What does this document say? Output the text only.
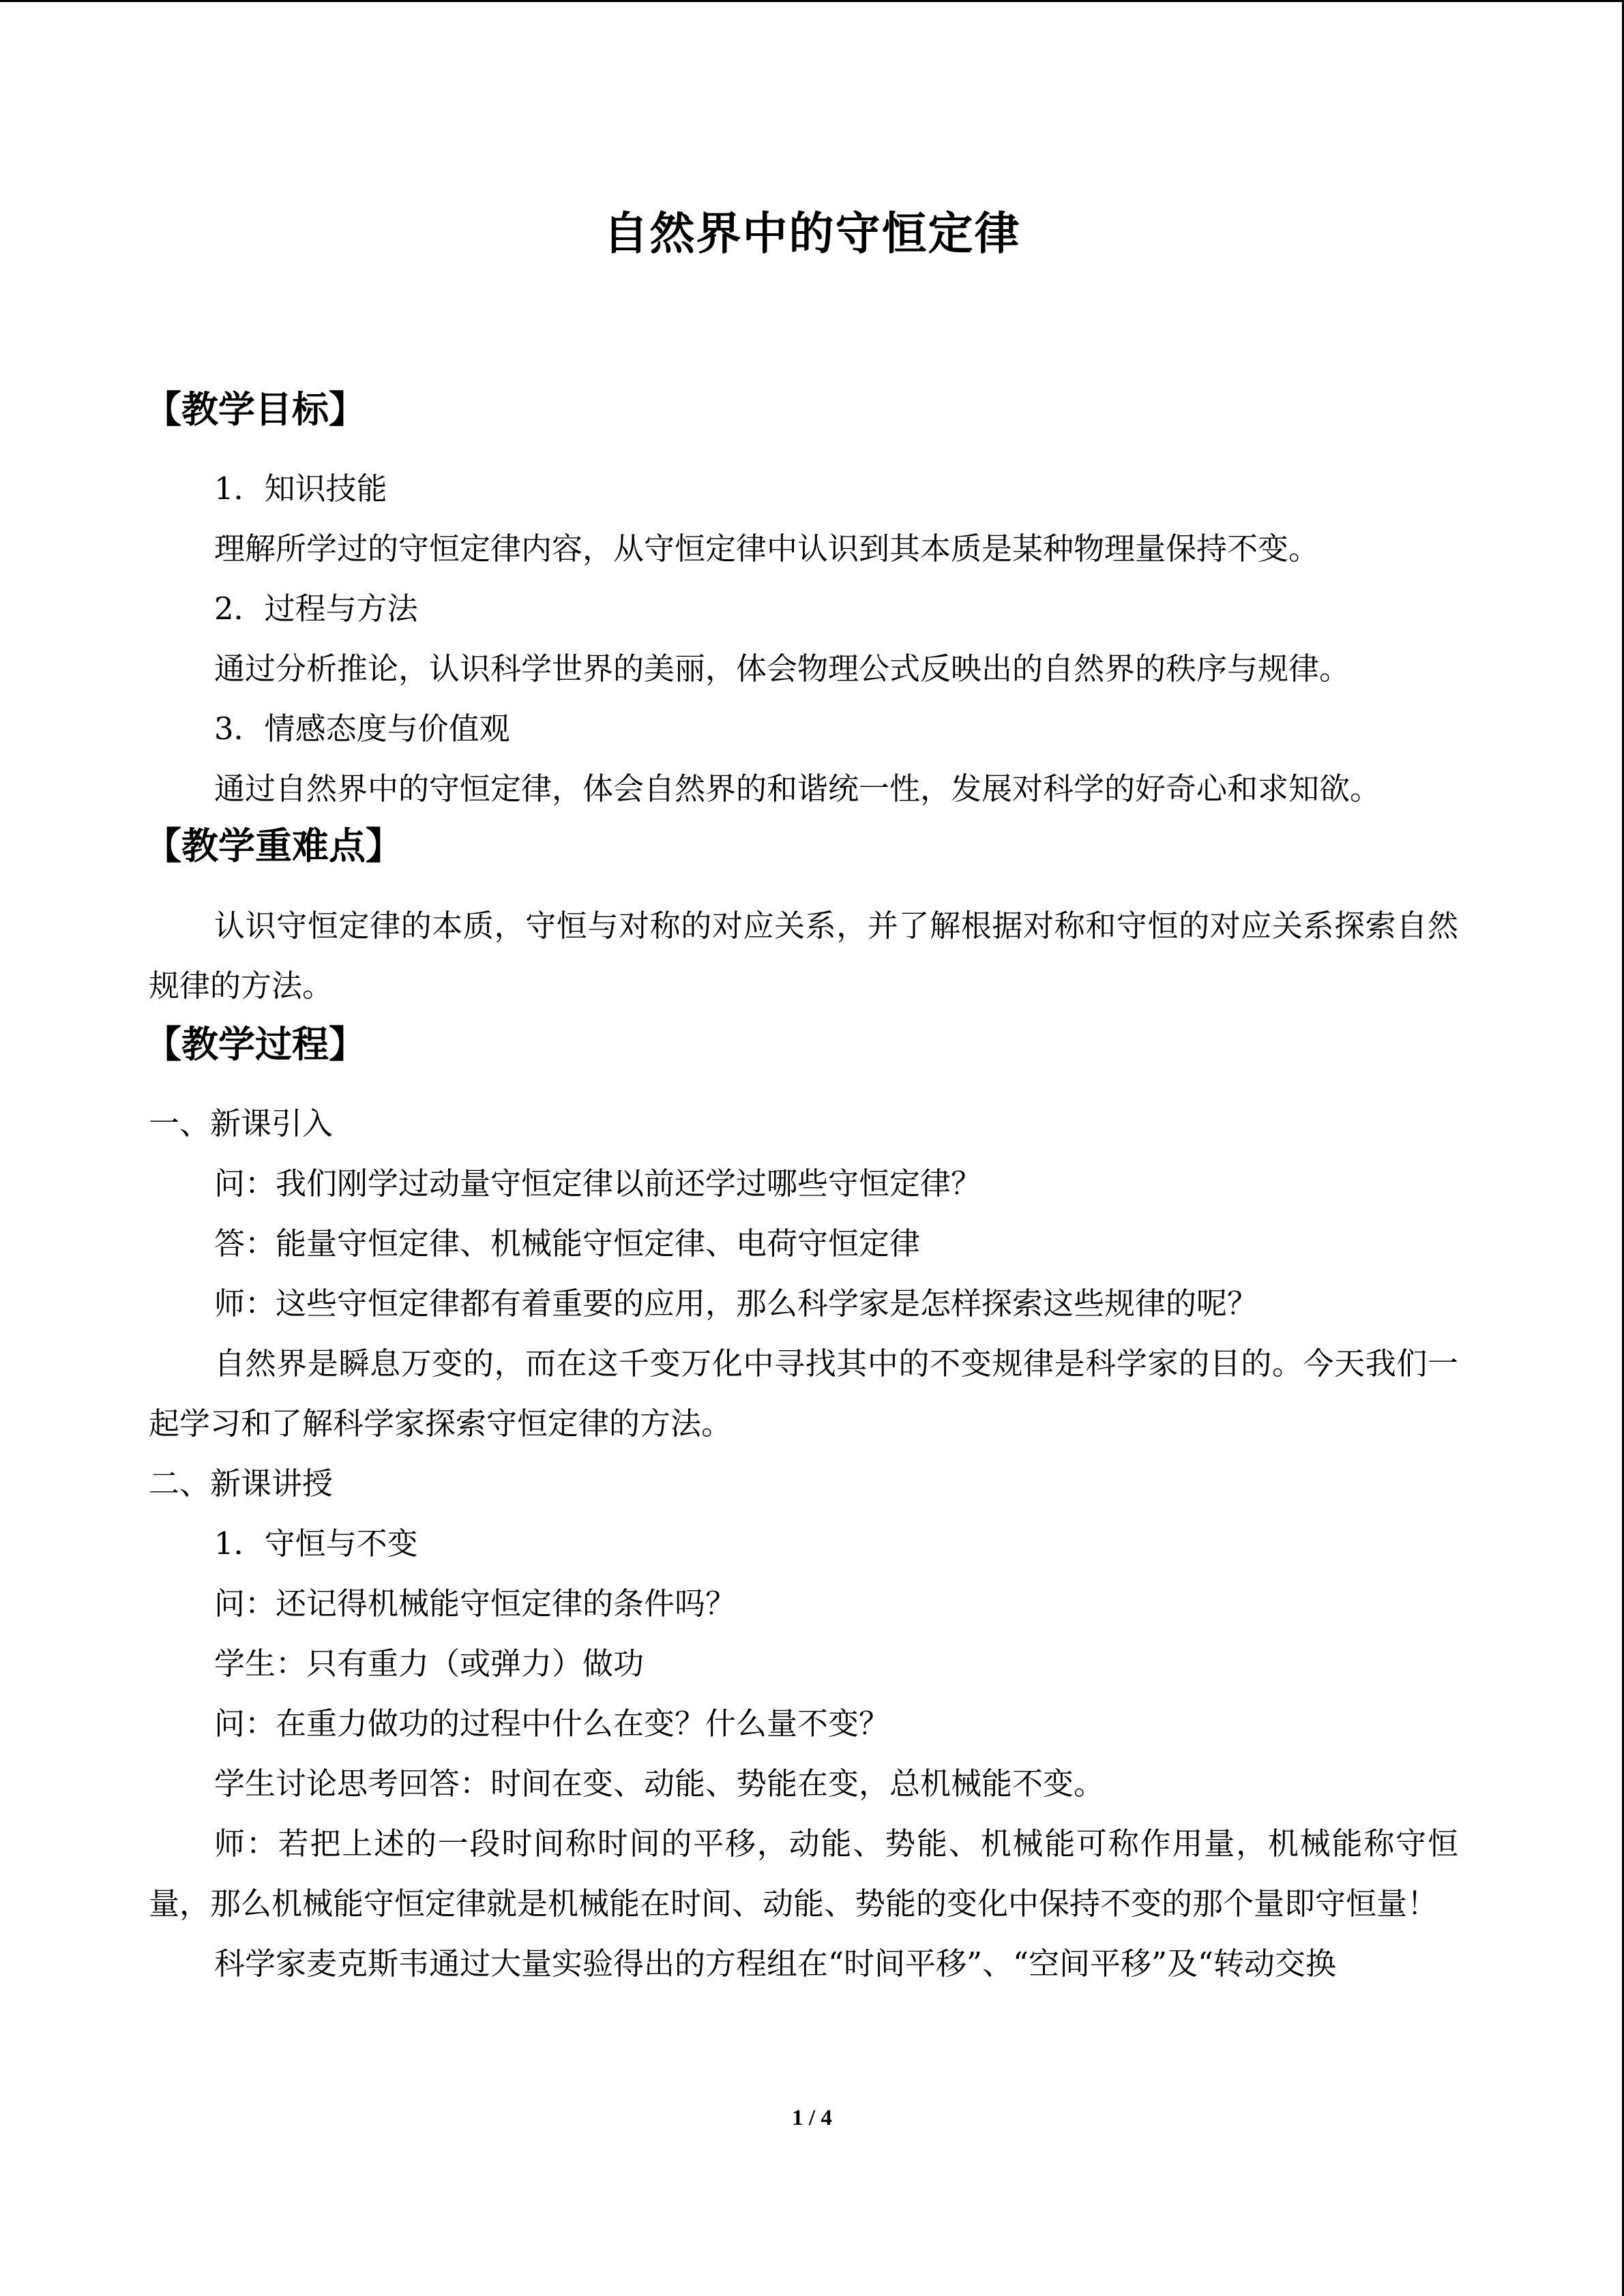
自然界中的守恒定律
【教学目标】

1．知识技能

理解所学过的守恒定律内容，从守恒定律中认识到其本质是某种物理量保持不变。

2．过程与方法

通过分析推论，认识科学世界的美丽，体会物理公式反映出的自然界的秩序与规律。

3．情感态度与价值观

通过自然界中的守恒定律，体会自然界的和谐统一性，发展对科学的好奇心和求知欲。

【教学重难点】

认识守恒定律的本质，守恒与对称的对应关系，并了解根据对称和守恒的对应关系探索自然规律的方法。

【教学过程】

一、新课引入

问：我们刚学过动量守恒定律以前还学过哪些守恒定律？

答：能量守恒定律、机械能守恒定律、电荷守恒定律

师：这些守恒定律都有着重要的应用，那么科学家是怎样探索这些规律的呢？

自然界是瞬息万变的，而在这千变万化中寻找其中的不变规律是科学家的目的。今天我们一起学习和了解科学家探索守恒定律的方法。

二、新课讲授

1．守恒与不变

问：还记得机械能守恒定律的条件吗？

学生：只有重力（或弹力）做功

问：在重力做功的过程中什么在变？什么量不变？

学生讨论思考回答：时间在变、动能、势能在变，总机械能不变。

师：若把上述的一段时间称时间的平移，动能、势能、机械能可称作用量，机械能称守恒量，那么机械能守恒定律就是机械能在时间、动能、势能的变化中保持不变的那个量即守恒量！

科学家麦克斯韦通过大量实验得出的方程组在“时间平移”、“空间平移”及“转动交换

1 / 4
